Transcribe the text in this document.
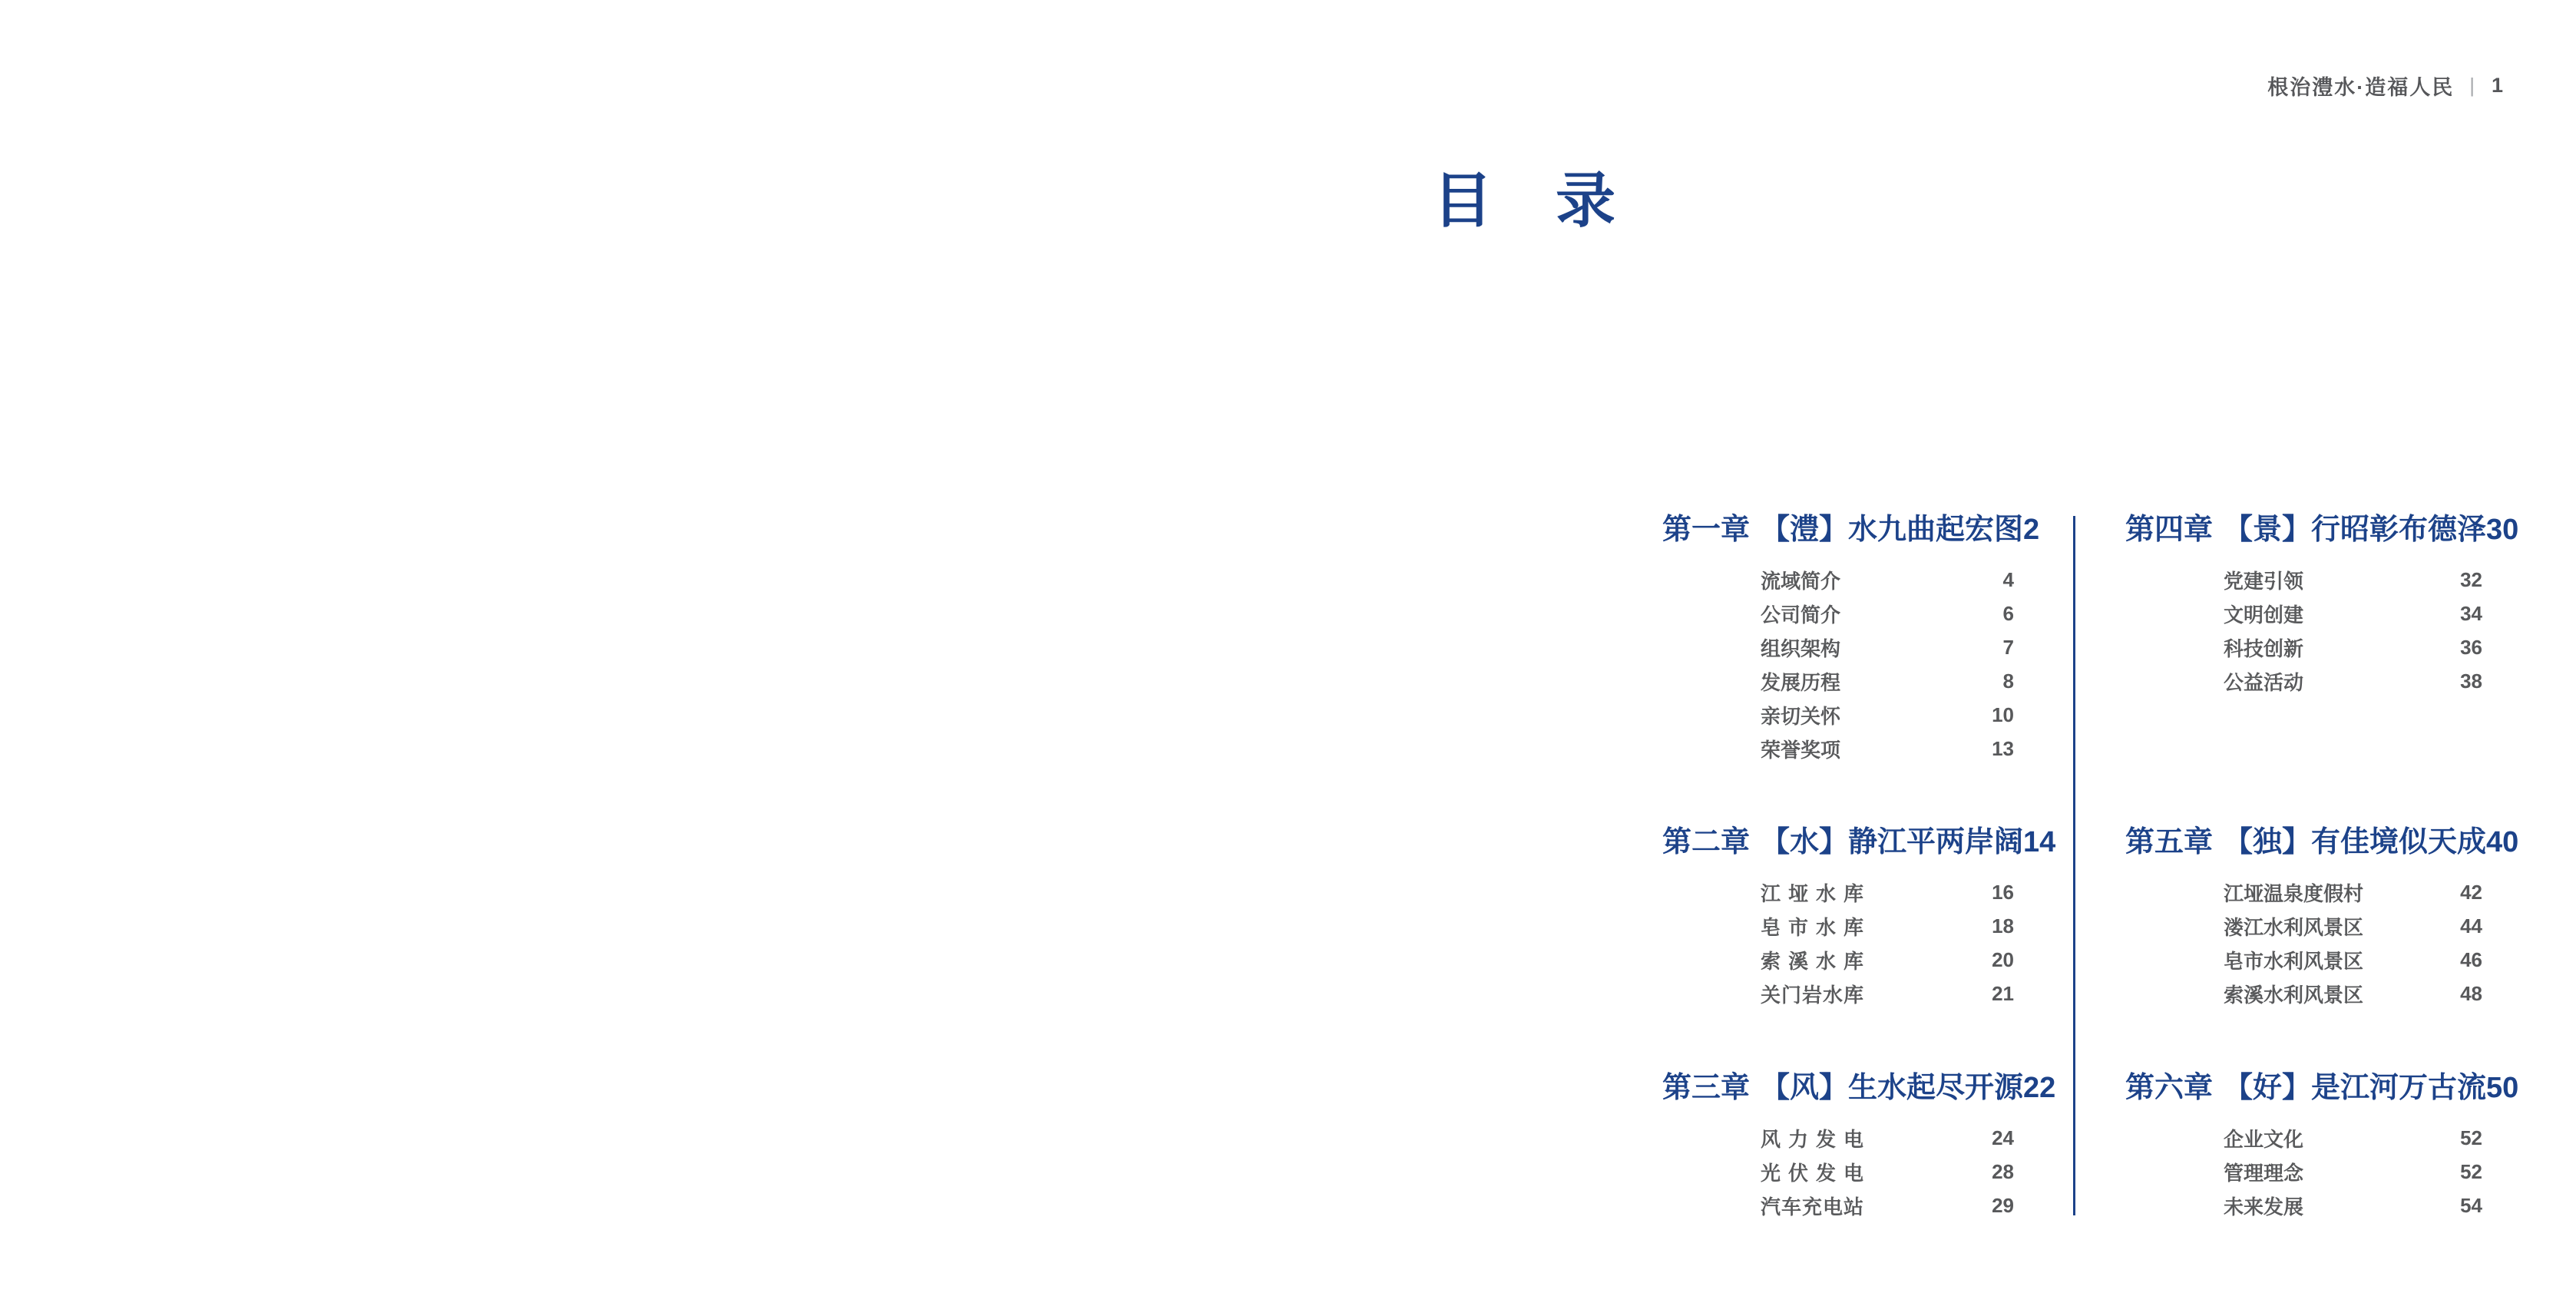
根治澧水·造福人民 | 1
目　录
第一章 【澧】水九曲起宏图 2
流域简介	4
公司简介	6
组织架构	7
发展历程	8
亲切关怀	10
荣誉奖项	13
第二章 【水】静江平两岸阔 14
江垭水库	16
皂市水库	18
索溪水库	20
关门岩水库	21
第三章 【风】生水起尽开源 22
风力发电	24
光伏发电	28
汽车充电站	29
第四章 【景】行昭彰布德泽 30
党建引领	32
文明创建	34
科技创新	36
公益活动	38
第五章 【独】有佳境似天成 40
江垭温泉度假村	42
溇江水利风景区	44
皂市水利风景区	46
索溪水利风景区	48
第六章 【好】是江河万古流 50
企业文化	52
管理理念	52
未来发展	54
